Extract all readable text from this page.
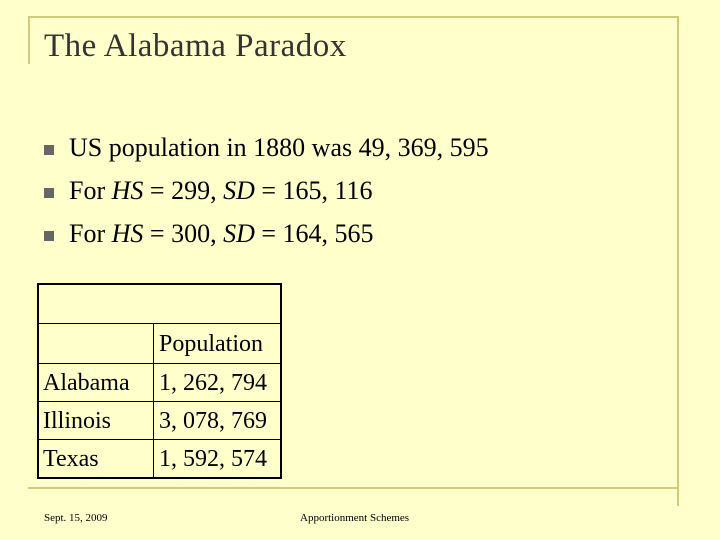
The Alabama Paradox
US population in 1880 was 49, 369, 595
For HS = 299, SD = 165, 116
For HS = 300, SD = 164, 565
Population
Alabama 1, 262, 794
Illinois 3, 078, 769
Texas	1, 592, 574
Sept. 15, 2009	Apportionment Schemes
